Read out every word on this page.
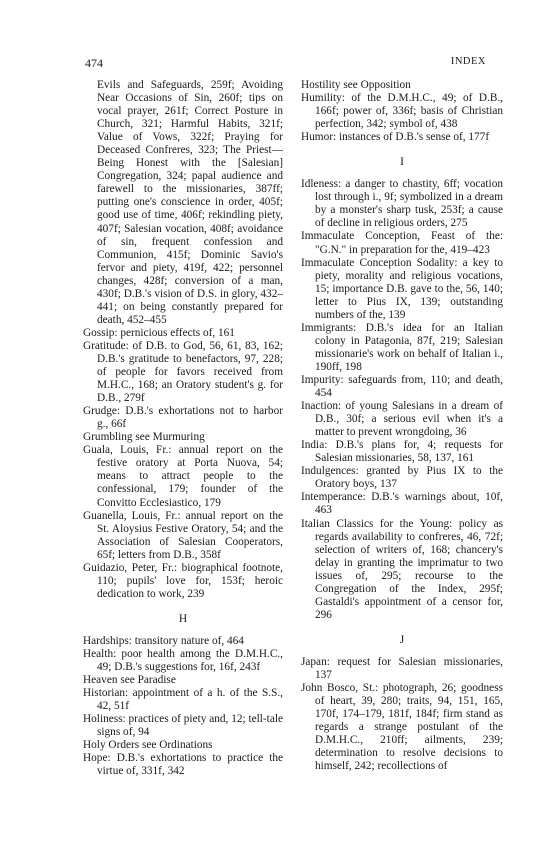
474	INDEX

Evils and Safeguards, 259f; Avoiding Near Occasions of Sin, 260f; tips on vocal prayer, 261f; Correct Posture in Church, 321; Harmful Habits, 321f; Value of Vows, 322f; Praying for Deceased Confreres, 323; The Priest— Being Honest with the [Salesian] Congregation, 324; papal audience and farewell to the missionaries, 387ff; putting one's conscience in order, 405f; good use of time, 406f; rekindling piety, 407f; Salesian vocation, 408f; avoidance of sin, frequent confession and Communion, 415f; Dominic Savio's fervor and piety, 419f, 422; personnel changes, 428f; conversion of a man, 430f; D.B.'s vision of D.S. in glory, 432–441; on being constantly prepared for death, 452–455

Gossip: pernicious effects of, 161

Gratitude: of D.B. to God, 56, 61, 83, 162; D.B.'s gratitude to benefactors, 97, 228; of people for favors received from M.H.C., 168; an Oratory student's g. for D.B., 279f

Grudge: D.B.'s exhortations not to harbor g., 66f

Grumbling see Murmuring

Guala, Louis, Fr.: annual report on the festive oratory at Porta Nuova, 54; means to attract people to the confessional, 179; founder of the Convitto Ecclesiastico, 179

Guanella, Louis, Fr.: annual report on the St. Aloysius Festive Oratory, 54; and the Association of Salesian Cooperators, 65f; letters from D.B., 358f

Guidazio, Peter, Fr.: biographical footnote, 110; pupils' love for, 153f; heroic dedication to work, 239

H

Hardships: transitory nature of, 464

Health: poor health among the D.M.H.C., 49; D.B.'s suggestions for, 16f, 243f

Heaven see Paradise

Historian: appointment of a h. of the S.S., 42, 51f

Holiness: practices of piety and, 12; tell-tale signs of, 94

Holy Orders see Ordinations

Hope: D.B.'s exhortations to practice the virtue of, 331f, 342

Hostility see Opposition

Humility: of the D.M.H.C., 49; of D.B., 166f; power of, 336f; basis of Christian perfection, 342; symbol of, 438

Humor: instances of D.B.'s sense of, 177f

I

Idleness: a danger to chastity, 6ff; vocation lost through i., 9f; symbolized in a dream by a monster's sharp tusk, 253f; a cause of decline in religious orders, 275

Immaculate Conception, Feast of the: "G.N." in preparation for the, 419–423

Immaculate Conception Sodality: a key to piety, morality and religious vocations, 15; importance D.B. gave to the, 56, 140; letter to Pius IX, 139; outstanding numbers of the, 139

Immigrants: D.B.'s idea for an Italian colony in Patagonia, 87f, 219; Salesian missionarie's work on behalf of Italian i., 190ff, 198

Impurity: safeguards from, 110; and death, 454

Inaction: of young Salesians in a dream of D.B., 30f; a serious evil when it's a matter to prevent wrongdoing, 36

India: D.B.'s plans for, 4; requests for Salesian missionaries, 58, 137, 161

Indulgences: granted by Pius IX to the Oratory boys, 137

Intemperance: D.B.'s warnings about, 10f, 463

Italian Classics for the Young: policy as regards availability to confreres, 46, 72f; selection of writers of, 168; chancery's delay in granting the imprimatur to two issues of, 295; recourse to the Congregation of the Index, 295f; Gastaldi's appointment of a censor for, 296

J

Japan: request for Salesian missionaries, 137

John Bosco, St.: photograph, 26; goodness of heart, 39, 280; traits, 94, 151, 165, 170f, 174–179, 181f, 184f; firm stand as regards a strange postulant of the D.M.H.C., 210ff; ailments, 239; determination to resolve decisions to himself, 242; recollections of
